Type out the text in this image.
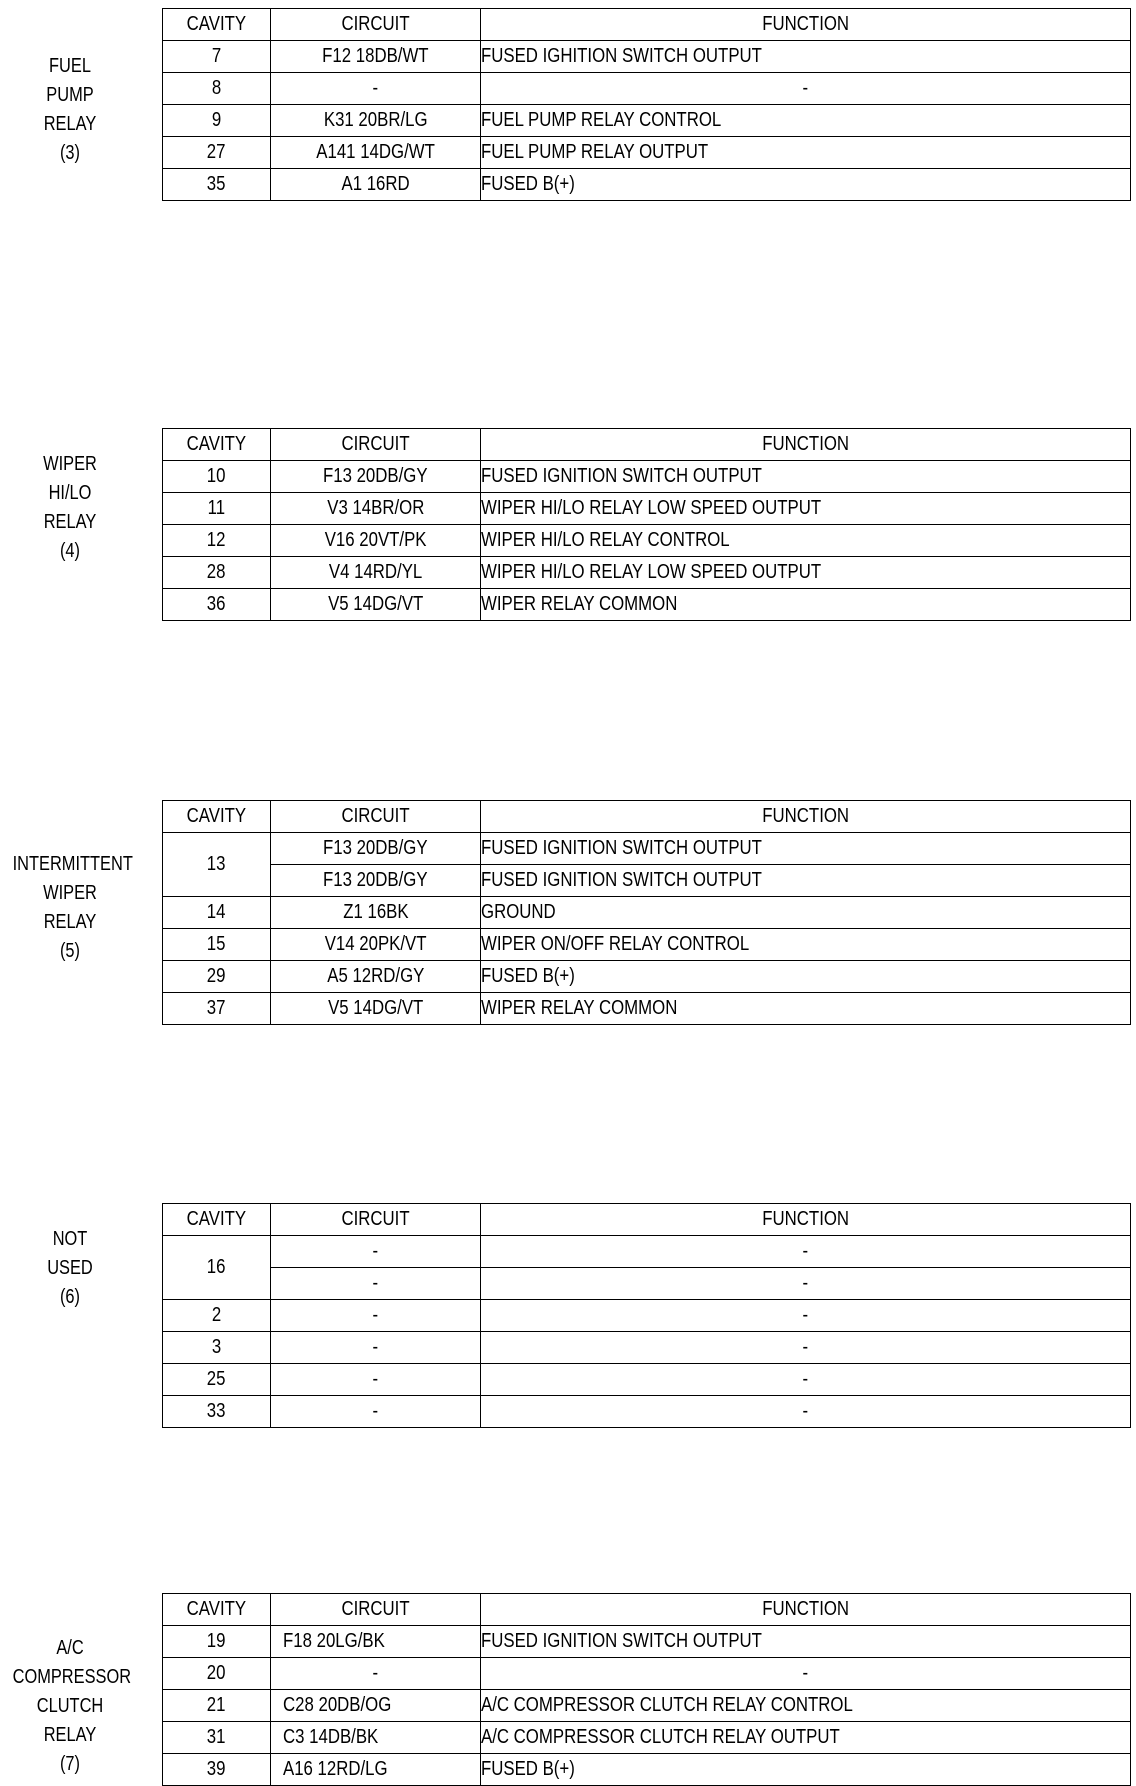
FUEL
PUMP
RELAY
(3)
CAVITY	CIRCUIT	FUNCTION
7	F12 18DB/WT	FUSED IGHITION SWITCH OUTPUT
8	-	-
9	K31 20BR/LG	FUEL PUMP RELAY CONTROL
27	A141 14DG/WT	FUEL PUMP RELAY OUTPUT
35	A1 16RD	FUSED B(+)
WIPER
HI/LO
RELAY
(4)
CAVITY	CIRCUIT	FUNCTION
10	F13 20DB/GY	FUSED IGNITION SWITCH OUTPUT
11	V3 14BR/OR	WIPER HI/LO RELAY LOW SPEED OUTPUT
12	V16 20VT/PK	WIPER HI/LO RELAY CONTROL
28	V4 14RD/YL	WIPER HI/LO RELAY LOW SPEED OUTPUT
36	V5 14DG/VT	WIPER RELAY COMMON
INTERMITTENT
WIPER
RELAY
(5)
CAVITY	CIRCUIT	FUNCTION
13	F13 20DB/GY	FUSED IGNITION SWITCH OUTPUT
	F13 20DB/GY	FUSED IGNITION SWITCH OUTPUT
14	Z1 16BK	GROUND
15	V14 20PK/VT	WIPER ON/OFF RELAY CONTROL
29	A5 12RD/GY	FUSED B(+)
37	V5 14DG/VT	WIPER RELAY COMMON
NOT
USED
(6)
CAVITY	CIRCUIT	FUNCTION
16	-	-
	-	-
2	-	-
3	-	-
25	-	-
33	-	-
A/C
COMPRESSOR
CLUTCH
RELAY
(7)
CAVITY	CIRCUIT	FUNCTION
19	F18 20LG/BK	FUSED IGNITION SWITCH OUTPUT
20	-	-
21	C28 20DB/OG	A/C COMPRESSOR CLUTCH RELAY CONTROL
31	C3 14DB/BK	A/C COMPRESSOR CLUTCH RELAY OUTPUT
39	A16 12RD/LG	FUSED B(+)
